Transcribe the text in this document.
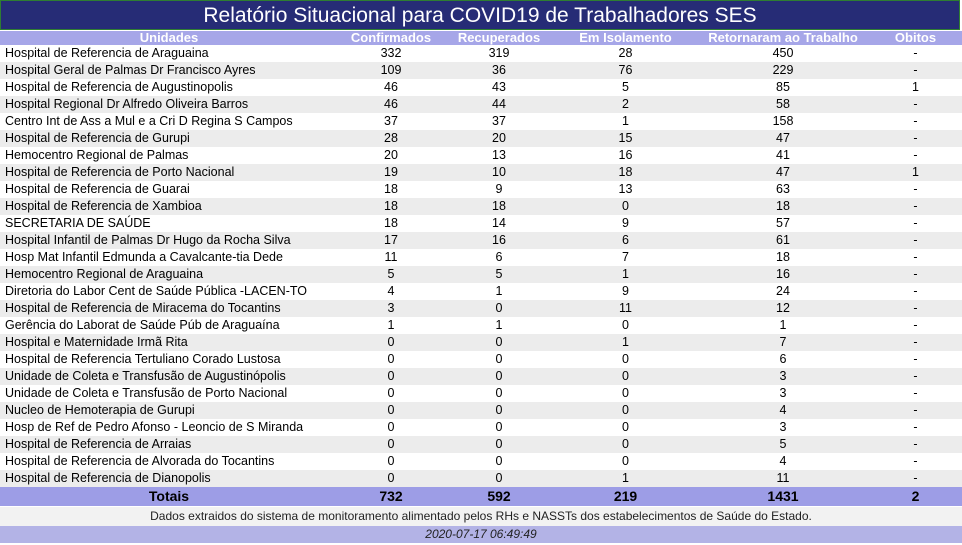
Relatório Situacional para COVID19 de Trabalhadores SES
Unidades	Confirmados	Recuperados	Em Isolamento	Retornaram ao Trabalho	Obitos
Hospital de Referencia de Araguaina	332	319	28	450	-
Hospital Geral de Palmas Dr Francisco Ayres	109	36	76	229	-
Hospital de Referencia de Augustinopolis	46	43	5	85	1
Hospital Regional Dr Alfredo Oliveira Barros	46	44	2	58	-
Centro Int de Ass a Mul e a Cri D Regina S Campos	37	37	1	158	-
Hospital de Referencia de Gurupi	28	20	15	47	-
Hemocentro Regional de Palmas	20	13	16	41	-
Hospital de Referencia de Porto Nacional	19	10	18	47	1
Hospital de Referencia de Guarai	18	9	13	63	-
Hospital de Referencia de Xambioa	18	18	0	18	-
SECRETARIA DE SAÚDE	18	14	9	57	-
Hospital Infantil de Palmas Dr Hugo da Rocha Silva	17	16	6	61	-
Hosp Mat Infantil Edmunda a Cavalcante-tia Dede	11	6	7	18	-
Hemocentro Regional de Araguaina	5	5	1	16	-
Diretoria do Labor Cent de Saúde Pública -LACEN-TO	4	1	9	24	-
Hospital de Referencia de Miracema do Tocantins	3	0	11	12	-
Gerência do Laborat de Saúde Púb de Araguaína	1	1	0	1	-
Hospital e Maternidade Irmã Rita	0	0	1	7	-
Hospital de Referencia Tertuliano Corado Lustosa	0	0	0	6	-
Unidade de Coleta e Transfusão de Augustinópolis	0	0	0	3	-
Unidade de Coleta e Transfusão de Porto Nacional	0	0	0	3	-
Nucleo de Hemoterapia de Gurupi	0	0	0	4	-
Hosp de Ref de Pedro Afonso - Leoncio de S Miranda	0	0	0	3	-
Hospital de Referencia de Arraias	0	0	0	5	-
Hospital de Referencia de Alvorada do Tocantins	0	0	0	4	-
Hospital de Referencia de Dianopolis	0	0	1	11	-
Totais	732	592	219	1431	2
Dados extraidos do sistema de monitoramento alimentado pelos RHs e NASSTs dos estabelecimentos de Saúde do Estado.
2020-07-17 06:49:49
